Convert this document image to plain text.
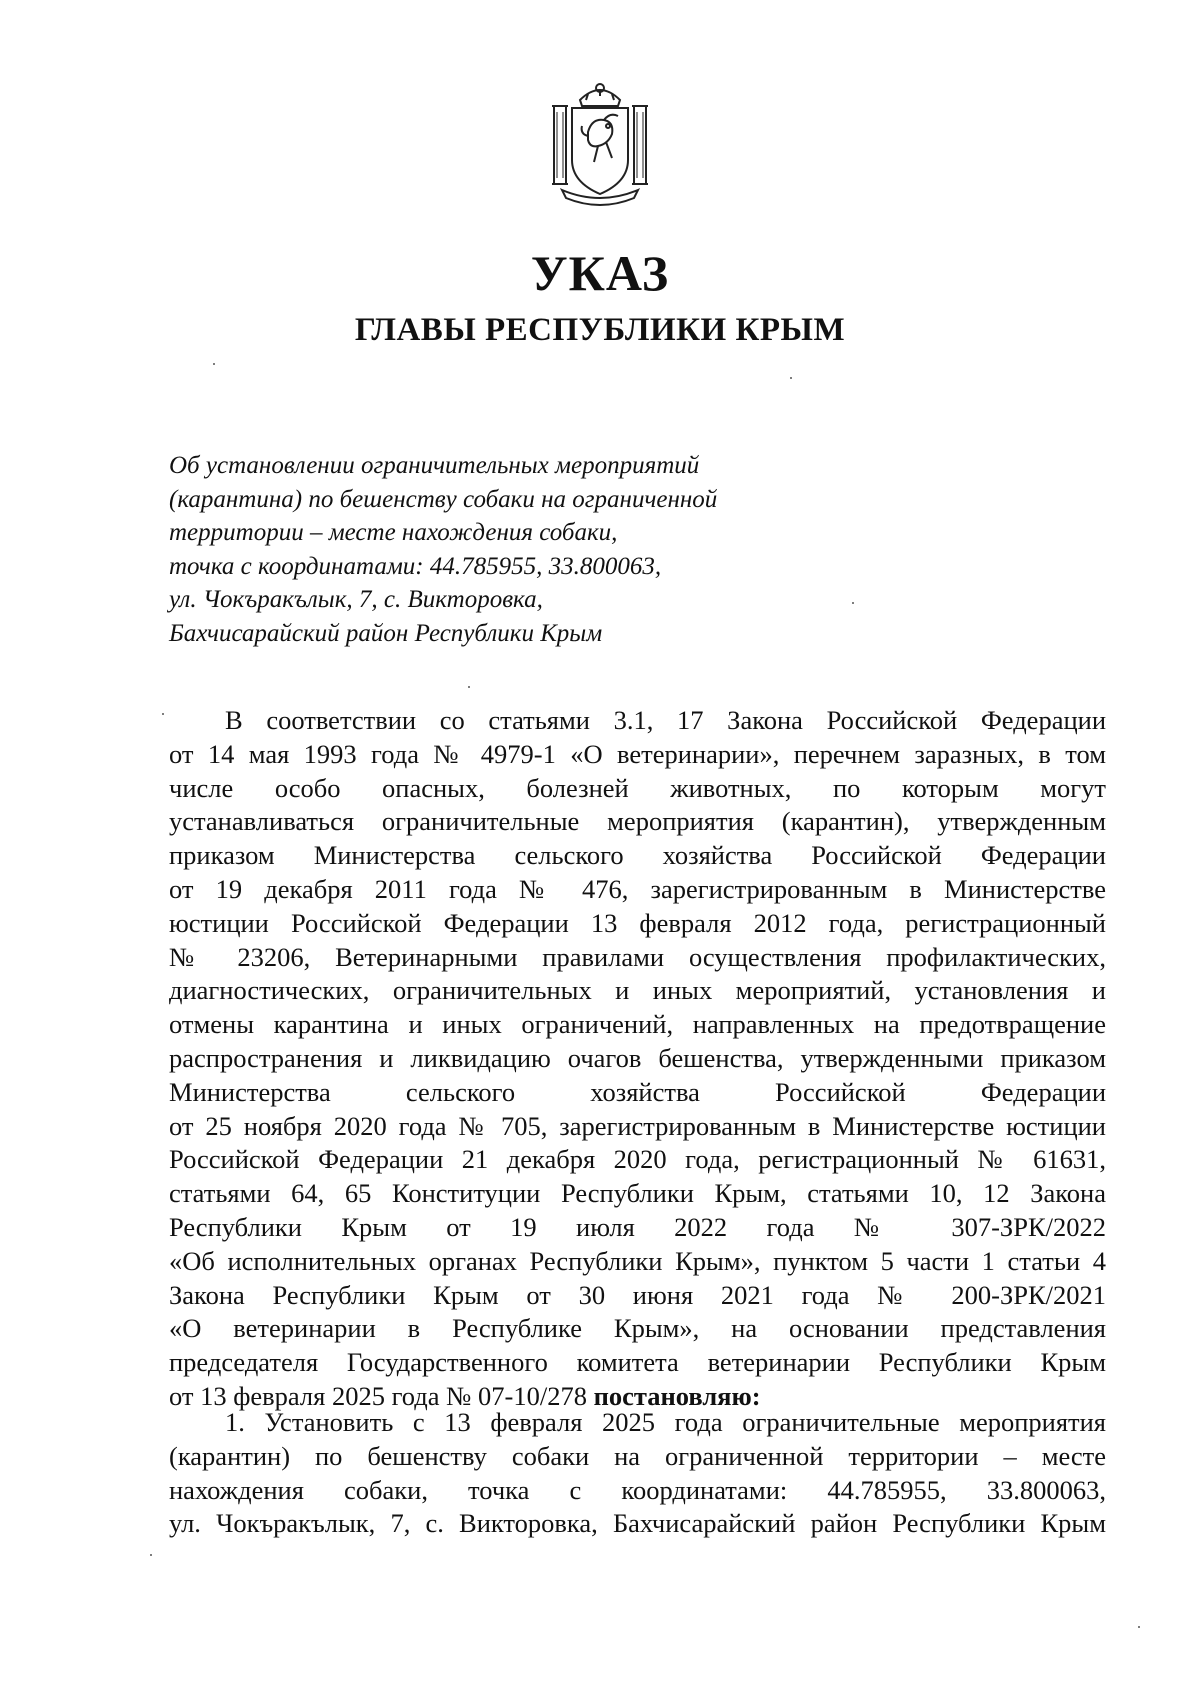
УКАЗ
ГЛАВЫ РЕСПУБЛИКИ КРЫМ
Об установлении ограничительных мероприятий
(карантина) по бешенству собаки на ограниченной
территории – месте нахождения собаки,
точка с координатами: 44.785955, 33.800063,
ул. Чокъракълык, 7, с. Викторовка,
Бахчисарайский район Республики Крым
В соответствии со статьями 3.1, 17 Закона Российской Федерации
от 14 мая 1993 года № 4979-1 «О ветеринарии», перечнем заразных, в том
числе особо опасных, болезней животных, по которым могут
устанавливаться ограничительные мероприятия (карантин), утвержденным
приказом Министерства сельского хозяйства Российской Федерации
от 19 декабря 2011 года № 476, зарегистрированным в Министерстве
юстиции Российской Федерации 13 февраля 2012 года, регистрационный
№ 23206, Ветеринарными правилами осуществления профилактических,
диагностических, ограничительных и иных мероприятий, установления и
отмены карантина и иных ограничений, направленных на предотвращение
распространения и ликвидацию очагов бешенства, утвержденными приказом
Министерства сельского хозяйства Российской Федерации
от 25 ноября 2020 года № 705, зарегистрированным в Министерстве юстиции
Российской Федерации 21 декабря 2020 года, регистрационный № 61631,
статьями 64, 65 Конституции Республики Крым, статьями 10, 12 Закона
Республики Крым от 19 июля 2022 года № 307-ЗРК/2022
«Об исполнительных органах Республики Крым», пунктом 5 части 1 статьи 4
Закона Республики Крым от 30 июня 2021 года № 200-ЗРК/2021
«О ветеринарии в Республике Крым», на основании представления
председателя Государственного комитета ветеринарии Республики Крым
от 13 февраля 2025 года № 07-10/278 постановляю:
1. Установить с 13 февраля 2025 года ограничительные мероприятия
(карантин) по бешенству собаки на ограниченной территории – месте
нахождения собаки, точка с координатами: 44.785955, 33.800063,
ул. Чокъракълык, 7, с. Викторовка, Бахчисарайский район Республики Крым
